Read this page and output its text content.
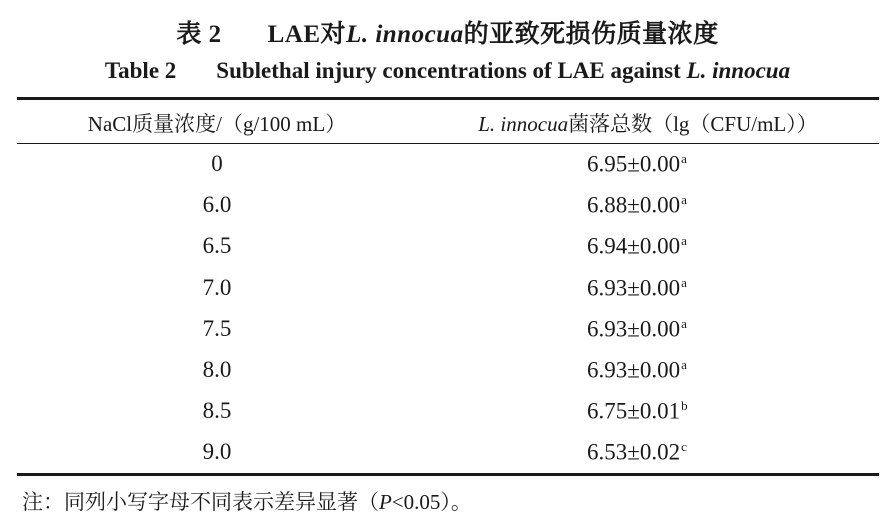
表 2 LAE对L. innocua的亚致死损伤质量浓度
Table 2 Sublethal injury concentrations of LAE against L. innocua
NaCl质量浓度/（g/100 mL）	L. innocua菌落总数（lg（CFU/mL））
0	6.95±0.00$^a$
6.0	6.88±0.00$^a$
6.5	6.94±0.00$^a$
7.0	6.93±0.00$^a$
7.5	6.93±0.00$^a$
8.0	6.93±0.00$^a$
8.5	6.75±0.01$^b$
9.0	6.53±0.02$^c$
注：同列小写字母不同表示差异显著（P<0.05）。
